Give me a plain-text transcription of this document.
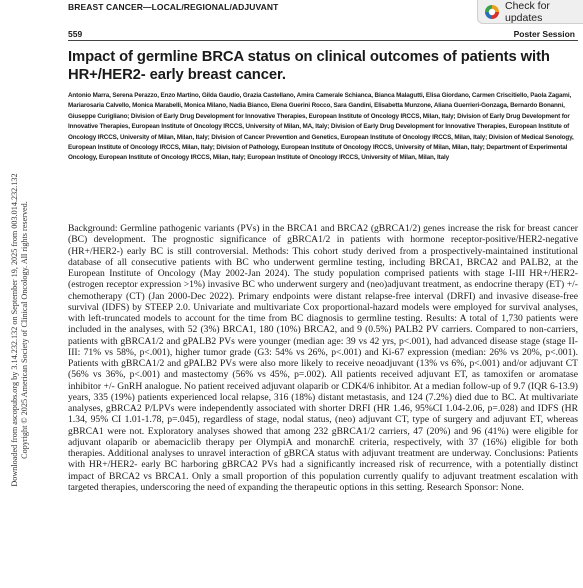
Downloaded from ascopubs.org by 3.14.232.132 on September 19, 2025 from 003.014.232.132 Copyright © 2025 American Society of Clinical Oncology. All rights reserved.
BREAST CANCER—LOCAL/REGIONAL/ADJUVANT	Check for updates
559	Poster Session
Impact of germline BRCA status on clinical outcomes of patients with HR+/HER2- early breast cancer.
Antonio Marra, Serena Perazzo, Enzo Martino, Gilda Gaudio, Grazia Castellano, Amira Camerale Schianca, Bianca Malagutti, Elisa Giordano, Carmen Criscitiello, Paola Zagami, Mariarosaria Calvello, Monica Marabelli, Monica Milano, Nadia Bianco, Elena Guerini Rocco, Sara Gandini, Elisabetta Munzone, Aliana Guerrieri-Gonzaga, Bernardo Bonanni, Giuseppe Curigliano; Division of Early Drug Development for Innovative Therapies, European Institute of Oncology IRCCS, Milan, Italy; Division of Early Drug Development for Innovative Therapies, European Institute of Oncology IRCCS, University of Milan, MA, Italy; Division of Early Drug Development for Innovative Therapies, European Institute of Oncology IRCCS, University of Milan, Milan, Italy; Division of Cancer Prevention and Genetics, European Institute of Oncology IRCCS, Milan, Italy; Division of Medical Senology, European Institute of Oncology IRCCS, Milan, Italy; Division of Pathology, European Institute of Oncology IRCCS, University of Milan, Milan, Italy; Department of Experimental Oncology, European Institute of Oncology IRCCS, Milan, Italy; European Institute of Oncology IRCCS, University of Milan, Milan, Italy
Background: Germline pathogenic variants (PVs) in the BRCA1 and BRCA2 (gBRCA1/2) genes increase the risk for breast cancer (BC) development. The prognostic significance of gBRCA1/2 in patients with hormone receptor-positive/HER2-negative (HR+/HER2-) early BC is still controversial. Methods: This cohort study derived from a prospectively-maintained institutional database of all consecutive patients with BC who underwent germline testing, including BRCA1, BRCA2 and PALB2, at the European Institute of Oncology (May 2002-Jan 2024). The study population comprised patients with stage I-III HR+/HER2- (estrogen receptor expression >1%) invasive BC who underwent surgery and (neo)adjuvant treatment, as endocrine therapy (ET) +/- chemotherapy (CT) (Jan 2000-Dec 2022). Primary endpoints were distant relapse-free interval (DRFI) and invasive disease-free survival (IDFS) by STEEP 2.0. Univariate and multivariate Cox proportional-hazard models were employed for survival analyses, with left-truncated models to account for the time from BC diagnosis to germline testing. Results: A total of 1,730 patients were included in the analyses, with 52 (3%) BRCA1, 180 (10%) BRCA2, and 9 (0.5%) PALB2 PV carriers. Compared to non-carriers, patients with gBRCA1/2 and gPALB2 PVs were younger (median age: 39 vs 42 yrs, p<.001), had advanced disease stage (stage II-III: 71% vs 58%, p<.001), higher tumor grade (G3: 54% vs 26%, p<.001) and Ki-67 expression (median: 26% vs 20%, p<.001). Patients with gBRCA1/2 and gPALB2 PVs were also more likely to receive neoadjuvant (13% vs 6%, p<.001) and/or adjuvant CT (56% vs 36%, p<.001) and mastectomy (56% vs 45%, p=.002). All patients received adjuvant ET, as tamoxifen or aromatase inhibitor +/- GnRH analogue. No patient received adjuvant olaparib or CDK4/6 inhibitor. At a median follow-up of 9.7 (IQR 6-13.9) years, 335 (19%) patients experienced local relapse, 316 (18%) distant metastasis, and 124 (7.2%) died due to BC. At multivariate analyses, gBRCA2 P/LPVs were independently associated with shorter DRFI (HR 1.46, 95%CI 1.04-2.06, p=.028) and IDFS (HR 1.34, 95% CI 1.01-1.78, p=.045), regardless of stage, nodal status, (neo) adjuvant CT, type of surgery and adjuvant ET, whereas gBRCA1 were not. Exploratory analyses showed that among 232 gBRCA1/2 carriers, 47 (20%) and 96 (41%) were eligible for adjuvant olaparib or abemaciclib therapy per OlympiA and monarchE criteria, respectively, with 37 (16%) eligible for both therapies. Additional analyses to unravel interaction of gBRCA status with adjuvant treatment are underway. Conclusions: Patients with HR+/HER2- early BC harboring gBRCA2 PVs had a significantly increased risk of recurrence, with a potentially distinct impact of BRCA2 vs BRCA1. Only a small proportion of this population currently qualify to adjuvant treatment escalation with targeted therapies, underscoring the need of expanding the therapeutic options in this setting. Research Sponsor: None.
